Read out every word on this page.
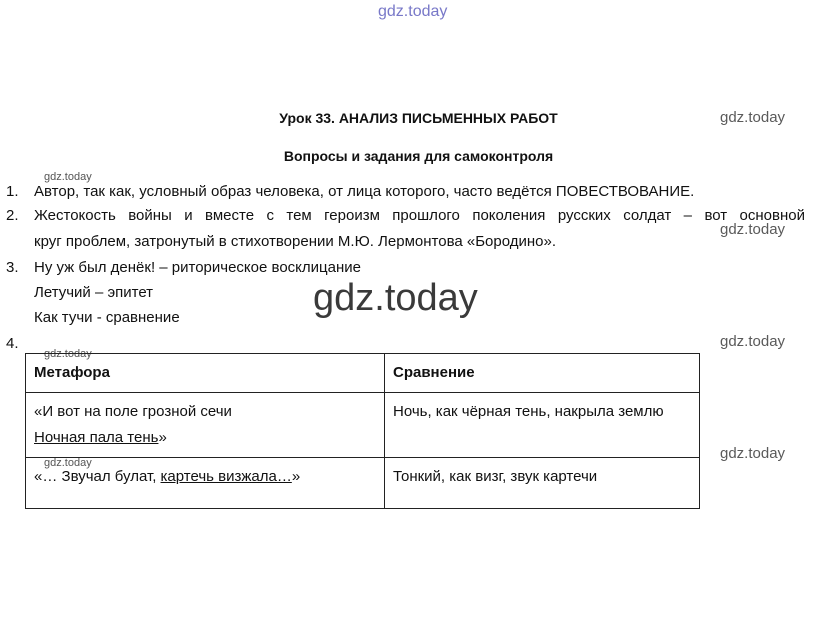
gdz.today
gdz.today
gdz.today
gdz.today
gdz.today
gdz.today
gdz.today
gdz.today
Урок 33. АНАЛИЗ ПИСЬМЕННЫХ РАБОТ
Вопросы и задания для самоконтроля
1. Автор, так как, условный образ человека, от лица которого, часто ведётся ПОВЕСТВОВАНИЕ.
2. Жестокость войны и вместе с тем героизм прошлого поколения русских солдат – вот основной
круг проблем, затронутый в стихотворении М.Ю. Лермонтова «Бородино».
3. Ну уж был денёк! – риторическое восклицание
Летучий – эпитет
Как тучи - сравнение
4.
Метафора	Сравнение
«И вот на поле грозной сечи
Ночная пала тень»	Ночь, как чёрная тень, накрыла землю
«… Звучал булат, картечь визжала…»	Тонкий, как визг, звук картечи
gdz.today
